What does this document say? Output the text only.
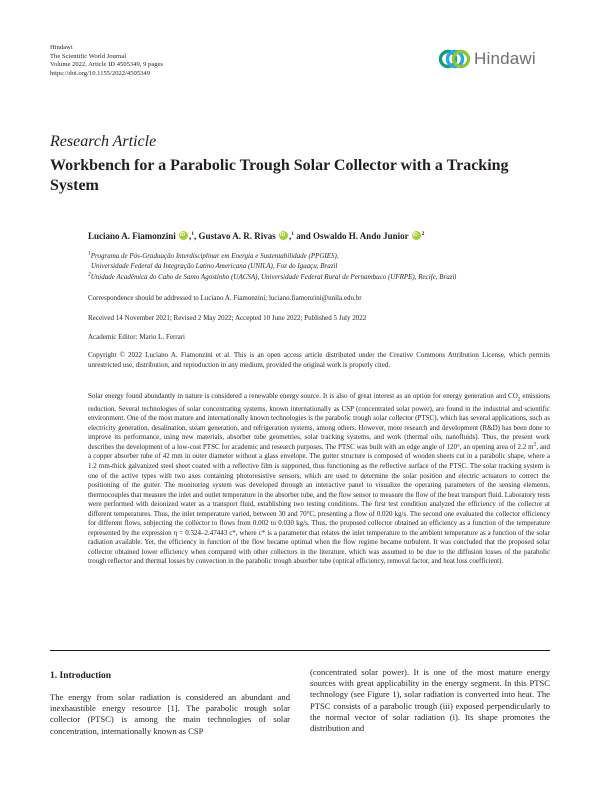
Hindawi
The Scientific World Journal
Volume 2022, Article ID 4505349, 9 pages
https://doi.org/10.1155/2022/4505349
Hindawi
Research Article
Workbench for a Parabolic Trough Solar Collector with a Tracking System
Luciano A. Fiamonzini iD ,$^1$, Gustavo A. R. Rivas iD ,$^1$ and Oswaldo H. Ando Junior iD $^2$
$^1$Programa de Pós-Graduação Interdisciplinar em Energia e Sustentabilidade (PPGIES),
Universidade Federal da Integração Latino Americana (UNILA), Foz do Iguaçu, Brazil
$^2$Unidade Acadêmica do Cabo de Santo Agostinho (UACSA), Universidade Federal Rural de Pernambuco (UFRPE), Recife, Brazil
Correspondence should be addressed to Luciano A. Fiamonzini; luciano.fiamonzini@unila.edu.br
Received 14 November 2021; Revised 2 May 2022; Accepted 10 June 2022; Published 5 July 2022
Academic Editor: Mario L. Ferrari
Copyright © 2022 Luciano A. Fiamonzini et al. This is an open access article distributed under the Creative Commons Attribution License, which permits unrestricted use, distribution, and reproduction in any medium, provided the original work is properly cited.
Solar energy found abundantly in nature is considered a renewable energy source. It is also of great interest as an option for energy generation and $CO_2$ emissions reduction. Several technologies of solar concentrating systems, known internationally as CSP (concentrated solar power), are found in the industrial and scientific environment. One of the most mature and internationally known technologies is the parabolic trough solar collector (PTSC), which has several applications, such as electricity generation, desalination, steam generation, and refrigeration systems, among others. However, more research and development (R&D) has been done to improve its performance, using new materials, absorber tube geometries, solar tracking systems, and work (thermal oils, nanofluids). Thus, the present work describes the development of a low-cost PTSC for academic and research purposes. The PTSC was built with an edge angle of 120°, an opening area of 2.2 $m^2$, and a copper absorber tube of 42 mm in outer diameter without a glass envelope. The gutter structure is composed of wooden sheets cut in a parabolic shape, where a 1.2 mm-thick galvanized steel sheet coated with a reflective film is supported, thus functioning as the reflective surface of the PTSC. The solar tracking system is one of the active types with two axes containing photoresistive sensors, which are used to determine the solar position and electric actuators to correct the positioning of the gutter. The monitoring system was developed through an interactive panel to visualize the operating parameters of the sensing elements, thermocouples that measure the inlet and outlet temperature in the absorber tube, and the flow sensor to measure the flow of the heat transport fluid. Laboratory tests were performed with deionized water as a transport fluid, establishing two testing conditions. The first test condition analyzed the efficiency of the collector at different temperatures. Thus, the inlet temperature varied, between 30 and 70°C, presenting a flow of 0.020 kg/s. The second one evaluated the collector efficiency for different flows, subjecting the collector to flows from 0.002 to 0.030 kg/s. Thus, the proposed collector obtained an efficiency as a function of the temperature represented by the expression η = 0.324–2.47443 c*, where c* is a parameter that relates the inlet temperature to the ambient temperature as a function of the solar radiation available. Yet, the efficiency in function of the flow became optimal when the flow regime became turbulent. It was concluded that the proposed solar collector obtained lower efficiency when compared with other collectors in the literature, which was assumed to be due to the diffusion losses of the parabolic trough reflector and thermal losses by convection in the parabolic trough absorber tube (optical efficiency, removal factor, and heat loss coefficient).
1. Introduction
The energy from solar radiation is considered an abundant and inexhaustible energy resource [1]. The parabolic trough solar collector (PTSC) is among the main technologies of solar concentration, internationally known as CSP
(concentrated solar power). It is one of the most mature energy sources with great applicability in the energy segment. In this PTSC technology (see Figure 1), solar radiation is converted into heat. The PTSC consists of a parabolic trough (iii) exposed perpendicularly to the normal vector of solar radiation (i). Its shape promotes the distribution and
